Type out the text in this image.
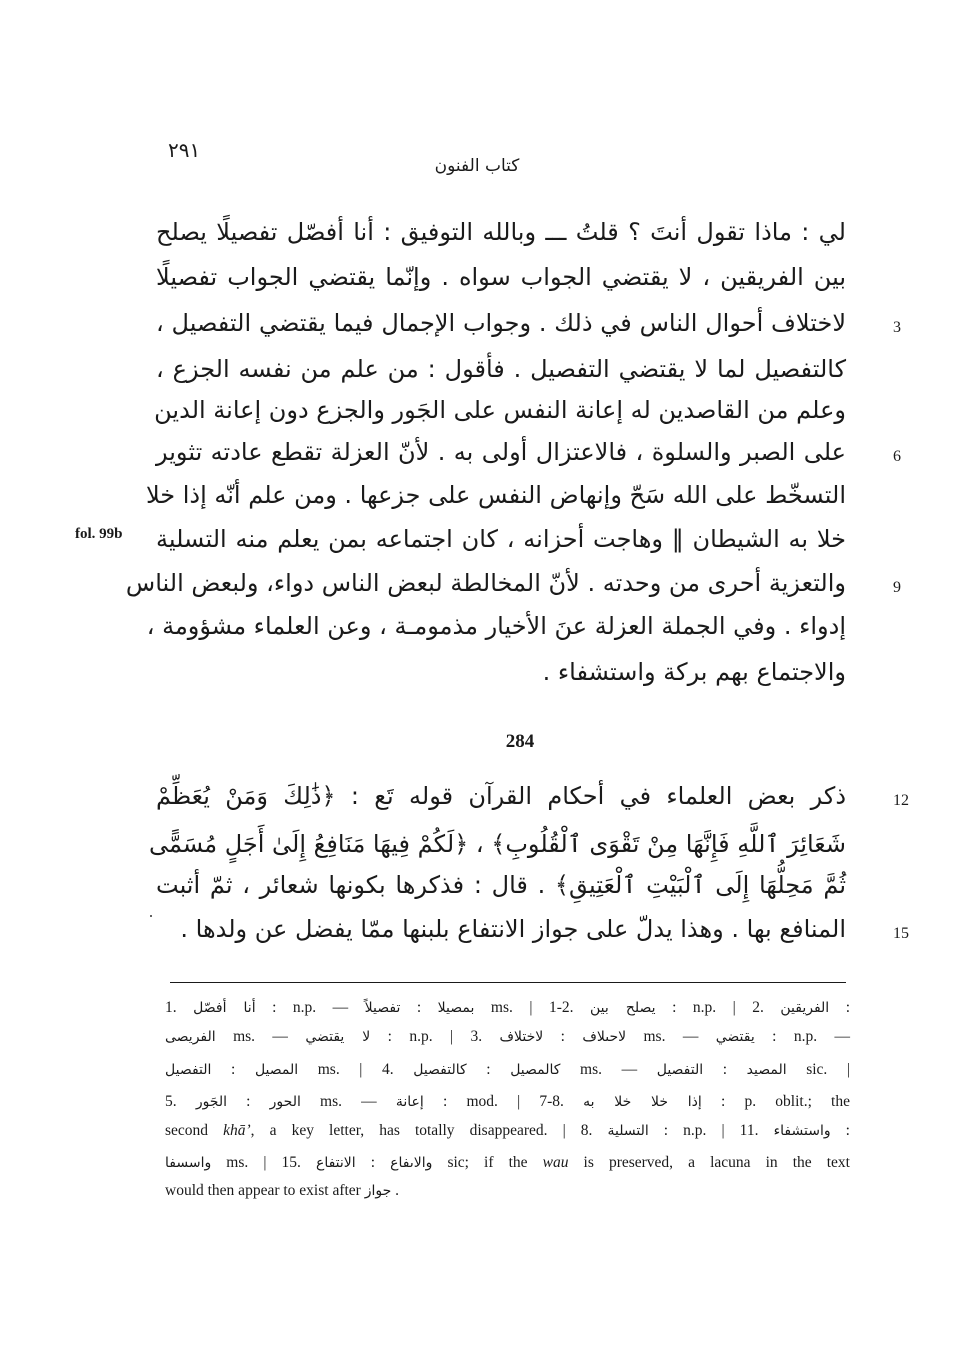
٢٩١
كتاب الفنون
لي : ماذا تقول أنتَ ؟ قلتُ ـــ وبالله التوفيق : أنا أفصّل تفصيلًا يصلح
بين الفريقين ، لا يقتضي الجواب سواه . وإنّما يقتضي الجواب تفصيلًا
لاختلاف أحوال الناس في ذلك . وجواب الإجمال فيما يقتضي التفصيل ،	3
كالتفصيل لما لا يقتضي التفصيل . فأقول : من علم من نفسه الجزع ،
وعلم من القاصدين له إعانة النفس على الجَور والجزع دون إعانة الدين
على الصبر والسلوة ، فالاعتزال أولى به . لأنّ العزلة تقطع عادته تثوير	6
التسخّط على الله سَحّ وإنهاض النفس على جزعها . ومن علم أنّه إذا خلا
خلا به الشيطان ‖ وهاجت أحزانه ، كان اجتماعه بمن يعلم منه التسلية
والتعزية أحرى من وحدته . لأنّ المخالطة لبعض الناس دواء، ولبعض الناس	9
إدواء . وفي الجملة العزلة عنَ الأخيار مذمومـة ، وعن العلماء مشؤومة ،
والاجتماع بهم بركة واستشفاء .
fol. 99b
284
ذكر بعض العلماء في أحكام القرآن قوله تَع : ﴿ذَٰلِكَ وَمَنْ يُعَظِّمْ	12
شَعَائِرَ ٱللَّهِ فَإِنَّهَا مِنْ تَقْوَى ٱلْقُلُوبِ﴾ ، ﴿لَكُمْ فِيهَا مَنَافِعُ إِلَىٰ أَجَلٍ مُسَمًّى
ثُمَّ مَحِلُّهَا إِلَى ٱلْبَيْتِ ٱلْعَتِيقِ﴾ . قال : فذكرها بكونها شعائر ، ثمّ أثبت
المنافع بها . وهذا يدلّ على جواز الانتفاع بلبنها ممّا يفضل عن ولدها .	15
1. أنا أفصّل : n.p. — تفصيلاً : بمصيلا ms. | 1-2. يصلح بين : n.p. | 2. الفريقين :
الفريصى ms. — لا يقتضي : n.p. | 3. لاختلاف : لاحىلاف ms. — يقتضي : n.p. —
التفصيل : المصيل ms. | 4. كالتفصيل : كالمصيل ms. — التفصيل : المصيد sic. |
5. الجَور : الحور ms. — إعانة : mod. | 7-8. إذا خلا خلا به : p. oblit.; the
second khā’, a key letter, has totally disappeared. | 8. التسلية : n.p. | 11. واستشفاء :
واسسفا ms. | 15. الانتفاع : والاىفاع sic; if the wau is preserved, a lacuna in the text
would then appear to exist after جواز .
